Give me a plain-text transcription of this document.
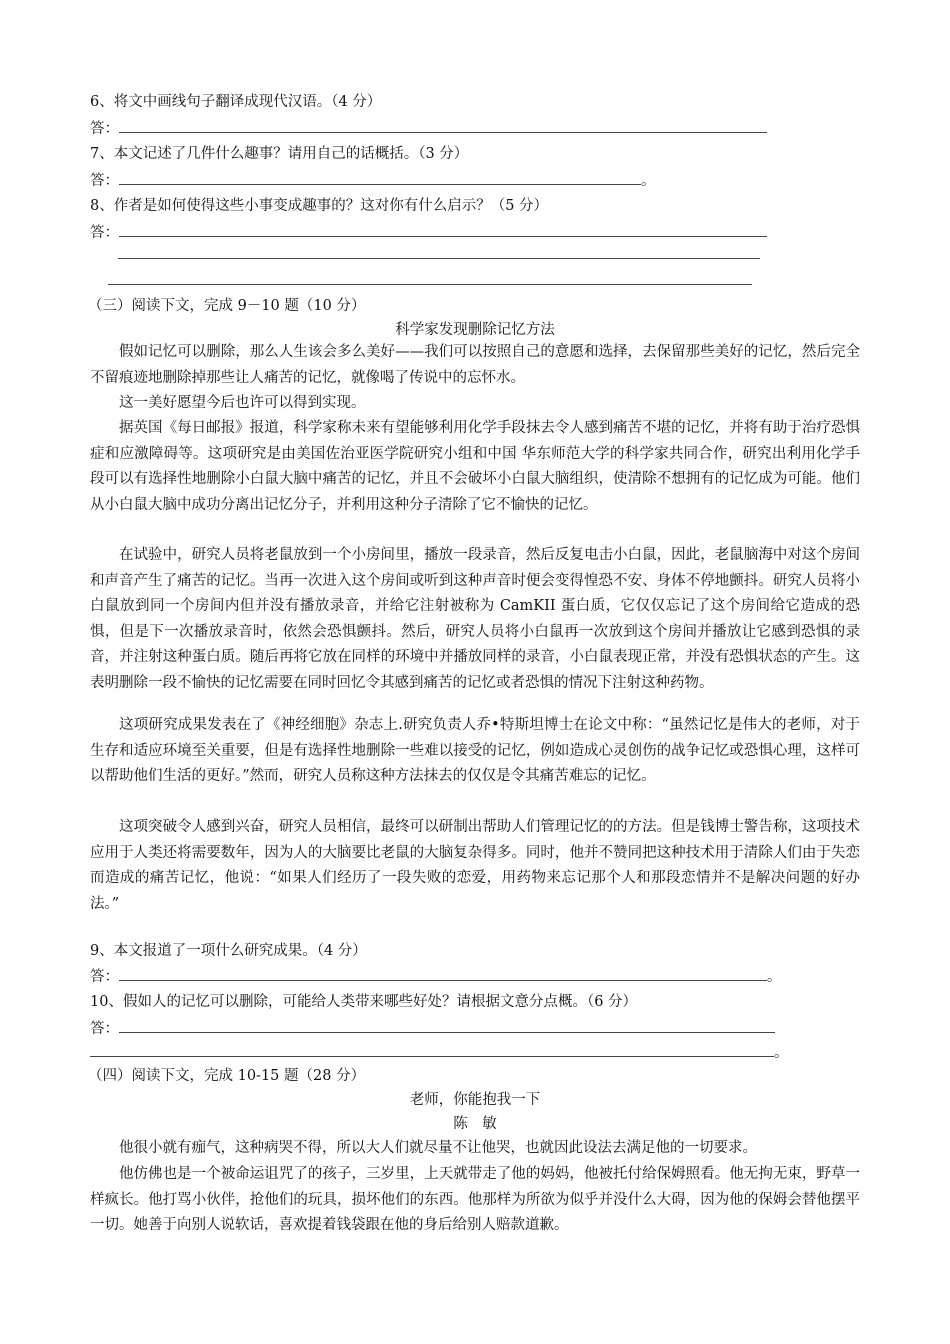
6、将文中画线句子翻译成现代汉语。（4 分）
答：
7、本文记述了几件什么趣事？请用自己的话概括。（3 分）
答：	。
8、作者是如何使得这些小事变成趣事的？这对你有什么启示？（5 分）
答：
（三）阅读下文，完成 9－10 题（10 分）
科学家发现删除记忆方法
假如记忆可以删除，那么人生该会多么美好——我们可以按照自己的意愿和选择，去保留那些美好的记忆，然后完全不留痕迹地删除掉那些让人痛苦的记忆，就像喝了传说中的忘怀水。
这一美好愿望今后也许可以得到实现。
据英国《每日邮报》报道，科学家称未来有望能够利用化学手段抹去令人感到痛苦不堪的记忆，并将有助于治疗恐惧症和应激障碍等。这项研究是由美国佐治亚医学院研究小组和中国 华东师范大学的科学家共同合作，研究出利用化学手段可以有选择性地删除小白鼠大脑中痛苦的记忆，并且不会破坏小白鼠大脑组织，使清除不想拥有的记忆成为可能。他们从小白鼠大脑中成功分离出记忆分子，并利用这种分子清除了它不愉快的记忆。
在试验中，研究人员将老鼠放到一个小房间里，播放一段录音，然后反复电击小白鼠，因此，老鼠脑海中对这个房间和声音产生了痛苦的记忆。当再一次进入这个房间或听到这种声音时便会变得惶恐不安、身体不停地颤抖。研究人员将小白鼠放到同一个房间内但并没有播放录音，并给它注射被称为 CamKII 蛋白质，它仅仅忘记了这个房间给它造成的恐惧，但是下一次播放录音时，依然会恐惧颤抖。然后，研究人员将小白鼠再一次放到这个房间并播放让它感到恐惧的录音，并注射这种蛋白质。随后再将它放在同样的环境中并播放同样的录音，小白鼠表现正常，并没有恐惧状态的产生。这表明删除一段不愉快的记忆需要在同时回忆令其感到痛苦的记忆或者恐惧的情况下注射这种药物。
这项研究成果发表在了《神经细胞》杂志上.研究负责人乔•特斯坦博士在论文中称：“虽然记忆是伟大的老师，对于生存和适应环境至关重要，但是有选择性地删除一些难以接受的记忆，例如造成心灵创伤的战争记忆或恐惧心理，这样可以帮助他们生活的更好。”然而，研究人员称这种方法抹去的仅仅是令其痛苦难忘的记忆。
这项突破令人感到兴奋，研究人员相信，最终可以研制出帮助人们管理记忆的的方法。但是钱博士警告称，这项技术应用于人类还将需要数年，因为人的大脑要比老鼠的大脑复杂得多。同时，他并不赞同把这种技术用于清除人们由于失恋而造成的痛苦记忆，他说：“如果人们经历了一段失败的恋爱，用药物来忘记那个人和那段恋情并不是解决问题的好办法。”
9、本文报道了一项什么研究成果。（4 分）
答：	。
10、假如人的记忆可以删除，可能给人类带来哪些好处？请根据文意分点概。（6 分）
答：
。
（四）阅读下文，完成 10-15 题（28 分）
老师，你能抱我一下
陈　敏
他很小就有痂气，这种病哭不得，所以大人们就尽量不让他哭，也就因此设法去满足他的一切要求。
他仿佛也是一个被命运诅咒了的孩子，三岁里，上天就带走了他的妈妈，他被托付给保姆照看。他无拘无束，野草一样疯长。他打骂小伙伴，抢他们的玩具，损坏他们的东西。他那样为所欲为似乎并没什么大碍，因为他的保姆会替他摆平一切。她善于向别人说软话，喜欢提着钱袋跟在他的身后给别人赔款道歉。
